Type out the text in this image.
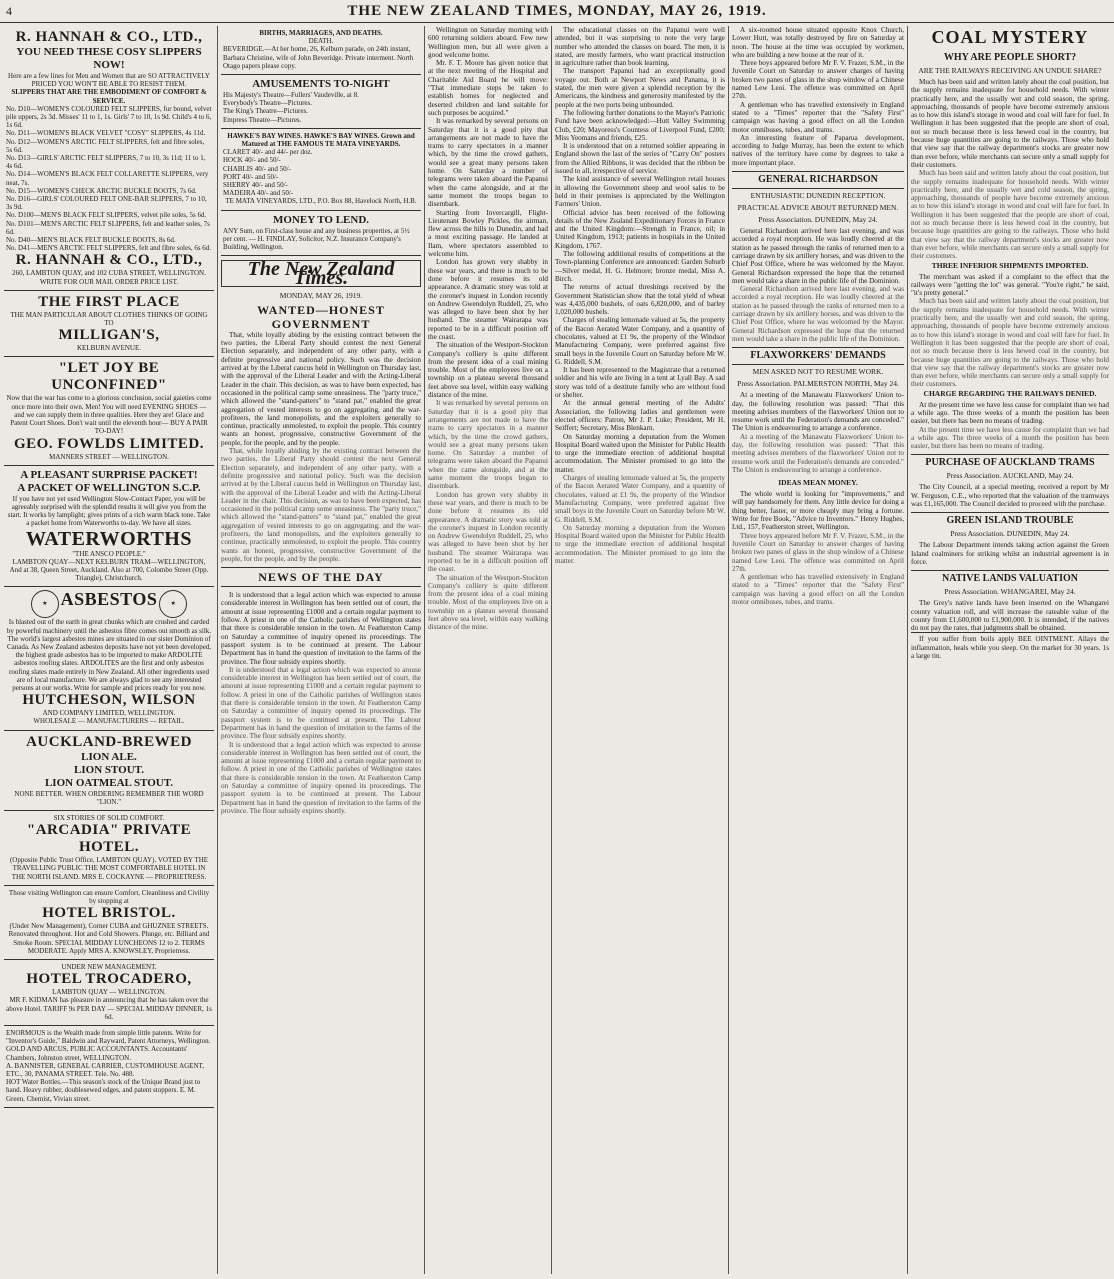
4	THE NEW ZEALAND TIMES, MONDAY, MAY 26, 1919.
R. HANNAH & CO., LTD.,
YOU NEED THESE COSY SLIPPERS NOW!
Here are a few lines for Men and Women that are SO ATTRACTIVELY PRICED YOU WON'T BE ABLE TO RESIST THEM.
SLIPPERS THAT ARE THE EMBODIMENT OF COMFORT & SERVICE.
No. D10—WOMEN'S COLOURED FELT SLIPPERS, fur bound, velvet pile uppers, 2s 3d. Misses' 11 to 1, 1s. Girls' 7 to 10, 1s 9d. Child's 4 to 6, 1s 6d.
No. D11—WOMEN'S BLACK VELVET "COSY" SLIPPERS, 4s 11d.
No. D12—WOMEN'S ARCTIC FELT SLIPPERS, felt and fibre soles, 5s 6d.
No. D13—GIRLS' ARCTIC FELT SLIPPERS, 7 to 10, 3s 11d; 11 to 1, 4s 6d.
No. D14—WOMEN'S BLACK FELT COLLARETTE SLIPPERS, very neat, 7s.
No. D15—WOMEN'S CHECK ARCTIC BUCKLE BOOTS, 7s 6d.
No. D16—GIRLS' COLOURED FELT ONE-BAR SLIPPERS, 7 to 10, 3s 9d.
No. D100—MEN'S BLACK FELT SLIPPERS, velvet pile soles, 5s 6d.
No. D101—MEN'S ARCTIC FELT SLIPPERS, felt and leather soles, 7s 6d.
No. D40—MEN'S BLACK FELT BUCKLE BOOTS, 8s 6d.
No. D41—MEN'S ARCTIC FELT SLIPPERS, felt and fibre soles, 6s 6d.
R. HANNAH & CO., LTD.,
260, LAMBTON QUAY, and 102 CUBA STREET, WELLINGTON. WRITE FOR OUR MAIL ORDER PRICE LIST.
THE FIRST PLACE
THE MAN PARTICULAR ABOUT CLOTHES THINKS OF GOING TO
MILLIGAN'S,
KELBURN AVENUE.
"LET JOY BE UNCONFINED"
Now that the war has come to a glorious conclusion, social gaieties come once more into their own. Men! You will need EVENING SHOES — and we can supply them in three qualities. Here they are! Glace and Patent Court Shoes. Don't wait until the eleventh hour— BUY A PAIR TO-DAY!
GEO. FOWLDS LIMITED.
MANNERS STREET — WELLINGTON.
A PLEASANT SURPRISE PACKET!
A PACKET OF WELLINGTON S.C.P.
If you have not yet used Wellington Slow-Contact Paper, you will be agreeably surprised with the splendid results it will give you from the start. It works by lamplight; gives prints of a rich warm black tone. Take a packet home from Waterworths to-day. We have all sizes.
WATERWORTHS
"THE ANSCO PEOPLE."
LAMBTON QUAY—NEXT KELBURN TRAM—WELLINGTON, And at 38, Queen Street, Auckland. Also at 700, Colombo Street (Opp. Triangle), Christchurch.
★ ASBESTOS ★
Is blasted out of the earth in great chunks which are crushed and carded by powerful machinery until the asbestos fibre comes out smooth as silk. The world's largest asbestos mines are situated in our sister Dominion of Canada. As New Zealand asbestos deposits have not yet been developed, the highest grade asbestos has to be imported to make ARDOLITE asbestos roofing slates. ARDOLITES are the first and only asbestos roofing slates made entirely in New Zealand. All other ingredients used are of local manufacture. We are always glad to see any interested persons at our works. Write for sample and prices ready for you now.
HUTCHESON, WILSON
AND COMPANY LIMITED, WELLINGTON.
WHOLESALE — MANUFACTURERS — RETAIL.
AUCKLAND-BREWED
LION ALE.
LION STOUT.
LION OATMEAL STOUT.
NONE BETTER. WHEN ORDERING REMEMBER THE WORD "LION."
SIX STORIES OF SOLID COMFORT.
"ARCADIA" PRIVATE HOTEL.
(Opposite Public Trust Office, LAMBTON QUAY). VOTED BY THE TRAVELLING PUBLIC THE MOST COMFORTABLE HOTEL IN THE NORTH ISLAND. MRS E. COCKAYNE — PROPRIETRESS.
Those visiting Wellington can ensure Comfort, Cleanliness and Civility by stopping at
HOTEL BRISTOL.
(Under New Management), Corner CUBA and GHUZNEE STREETS. Renovated throughout. Hot and Cold Showers. Plunge, etc. Billiard and Smoke Room. SPECIAL MIDDAY LUNCHEONS 12 to 2. TERMS MODERATE. Apply MRS A. KNOWSLEY, Proprietress.
UNDER NEW MANAGEMENT.
HOTEL TROCADERO,
LAMBTON QUAY — WELLINGTON.
MR F. KIDMAN has pleasure in announcing that he has taken over the above Hotel. TARIFF 9s PER DAY — SPECIAL MIDDAY DINNER, 1s 6d.
ENORMOUS is the Wealth made from simple little patents. Write for "Inventor's Guide," Baldwin and Rayward, Patent Attorneys, Wellington.
GOLD AND ARCUS, PUBLIC ACCOUNTANTS. Accountants' Chambers, Johnston street, WELLINGTON.
A. BANNISTER, GENERAL CARRIER, CUSTOMHOUSE AGENT, ETC., 30, PANAMA STREET. Tele. No. 488.
HOT Water Bottles.—This season's stock of the Unique Brand just to hand. Heavy rubber, doublesewed edges, and patent stoppers. E. M. Green, Chemist, Vivian street.
BIRTHS, MARRIAGES, AND DEATHS.
DEATH.
BEVERIDGE.—At her home, 26, Kelburn parade, on 24th instant, Barbara Christine, wife of John Beveridge. Private interment. North Otago papers please copy.
AMUSEMENTS TO-NIGHT
His Majesty's Theatre—Fullers' Vaudeville, at 8.
Everybody's Theatre—Pictures.
The King's Theatre—Pictures.
Empress Theatre—Pictures.
HAWKE'S BAY WINES. HAWKE'S BAY WINES. Grown and Matured at THE FAMOUS TE MATA VINEYARDS.
CLARET 40/- and 44/- per doz.
HOCK 40/- and 50/-
CHABLIS 40/- and 50/-
PORT 40/- and 50/-
SHERRY 40/- and 50/-
MADEIRA 40/- and 50/-
TE MATA VINEYARDS, LTD., P.O. Box 88, Havelock North, H.B.
MONEY TO LEND.
ANY Sum, on First-class house and any business properties, at 5½ per cent. — H. FINDLAY, Solicitor, N.Z. Insurance Company's Building, Wellington.
The New Zealand Times.
MONDAY, MAY 26, 1919.
WANTED—HONEST GOVERNMENT

That, while loyally abiding by the existing contract between the two parties, the Liberal Party should contest the next General Election separately, and independent of any other party, with a definite progressive and national policy. Such was the decision arrived at by the Liberal caucus held in Wellington on Thursday last, with the approval of the Liberal Leader and with the Acting-Liberal Leader in the chair. This decision, as was to have been expected, has occasioned in the political camp some uneasiness. The "party truce," which allowed the "stand-patters" to "stand pat," enabled the great aggregation of vested interests to go on aggregating, and the war-profiteers, the land monopolists, and the exploiters generally to continue, practically unmolested, to exploit the people. This country wants an honest, progressive, constructive Government of the people, for the people, and by the people.

That, while loyally abiding by the existing contract between the two parties, the Liberal Party should contest the next General Election separately, and independent of any other party, with a definite progressive and national policy. Such was the decision arrived at by the Liberal caucus held in Wellington on Thursday last, with the approval of the Liberal Leader and with the Acting-Liberal Leader in the chair. This decision, as was to have been expected, has occasioned in the political camp some uneasiness. The "party truce," which allowed the "stand-patters" to "stand pat," enabled the great aggregation of vested interests to go on aggregating, and the war-profiteers, the land monopolists, and the exploiters generally to continue, practically unmolested, to exploit the people. This country wants an honest, progressive, constructive Government of the people, for the people, and by the people.

NEWS OF THE DAY

It is understood that a legal action which was expected to arouse considerable interest in Wellington has been settled out of court, the amount at issue representing £1000 and a certain regular payment to follow. A priest in one of the Catholic parishes of Wellington states that there is considerable tension in the town. At Featherston Camp on Saturday a committee of inquiry opened its proceedings. The passport system is to be continued at present. The Labour Department has in hand the question of invitation to the farms of the province. The flour subsidy expires shortly.

It is understood that a legal action which was expected to arouse considerable interest in Wellington has been settled out of court, the amount at issue representing £1000 and a certain regular payment to follow. A priest in one of the Catholic parishes of Wellington states that there is considerable tension in the town. At Featherston Camp on Saturday a committee of inquiry opened its proceedings. The passport system is to be continued at present. The Labour Department has in hand the question of invitation to the farms of the province. The flour subsidy expires shortly.

It is understood that a legal action which was expected to arouse considerable interest in Wellington has been settled out of court, the amount at issue representing £1000 and a certain regular payment to follow. A priest in one of the Catholic parishes of Wellington states that there is considerable tension in the town. At Featherston Camp on Saturday a committee of inquiry opened its proceedings. The passport system is to be continued at present. The Labour Department has in hand the question of invitation to the farms of the province. The flour subsidy expires shortly.

Wellington on Saturday morning with 600 returning soldiers aboard. Few new Wellington men, but all were given a good welcome home.

Mr. F. T. Moore has given notice that at the next meeting of the Hospital and Charitable Aid Board he will move: "That immediate steps be taken to establish homes for neglected and deserted children and land suitable for such purposes be acquired."

It was remarked by several persons on Saturday that it is a good pity that arrangements are not made to have the trams to carry spectators in a manner which, by the time the crowd gathers, would see a great many persons taken home. On Saturday a number of telegrams were taken aboard the Papanui when the came alongside, and at the same moment the troops began to disembark.

Starting from Invercargill, Flight-Lieutenant Bowley Pickles, the airman, flew across the hills to Dunedin, and had a most exciting passage. He landed at Ilam, where spectators assembled to welcome him.

London has grown very shabby in these war years, and there is much to be done before it resumes its old appearance. A dramatic story was told at the coroner's inquest in London recently on Andrew Gwendolyn Ruddell, 25, who was alleged to have been shot by her husband. The steamer Wairarapa was reported to be in a difficult position off the coast.

The situation of the Westport-Stockton Company's colliery is quite different from the present idea of a coal mining trouble. Most of the employees live on a township on a plateau several thousand feet above sea level, within easy walking distance of the mine.

It was remarked by several persons on Saturday that it is a good pity that arrangements are not made to have the trams to carry spectators in a manner which, by the time the crowd gathers, would see a great many persons taken home. On Saturday a number of telegrams were taken aboard the Papanui when the came alongside, and at the same moment the troops began to disembark.

London has grown very shabby in these war years, and there is much to be done before it resumes its old appearance. A dramatic story was told at the coroner's inquest in London recently on Andrew Gwendolyn Ruddell, 25, who was alleged to have been shot by her husband. The steamer Wairarapa was reported to be in a difficult position off the coast.

The situation of the Westport-Stockton Company's colliery is quite different from the present idea of a coal mining trouble. Most of the employees live on a township on a plateau several thousand feet above sea level, within easy walking distance of the mine.

The educational classes on the Papanui were well attended, but it was surprising to note the very large number who attended the classes on board. The men, it is stated, are mostly farmers, who want practical instruction in agriculture rather than book learning.

The transport Papanui had an exceptionally good voyage out. Both at Newport News and Panama, it is stated, the men were given a splendid reception by the Americans, the kindness and generosity manifested by the people at the two ports being unbounded.

The following further donations to the Mayor's Patriotic Fund have been acknowledged:—Hutt Valley Swimming Club, £20; Mayoress's Countess of Liverpool Fund, £200; Miss Yeomans and friends, £25.

It is understood that on a returned soldier appearing in England shown the last of the series of "Carry On" posters from the Allied Ribbons, it was decided that the ribbon be issued to all, irrespective of service.

The kind assistance of several Wellington retail houses in allowing the Government sheep and wool sales to be held in their premises is appreciated by the Wellington Farmers' Union.

Official advice has been received of the following details of the New Zealand Expeditionary Forces in France and the United Kingdom:—Strength in France, nil; in United Kingdom, 1913; patients in hospitals in the United Kingdom, 1767.

The following additional results of competitions at the Town-planning Conference are announced: Garden Suburb—Silver medal, H. G. Helmore; bronze medal, Miss A. Birch.

The returns of actual threshings received by the Government Statistician show that the total yield of wheat was 4,435,000 bushels, of oats 6,820,000, and of barley 1,020,000 bushels.

Charges of stealing lemonade valued at 5s, the property of the Bacon Aerated Water Company, and a quantity of chocolates, valued at £1 9s, the property of the Windsor Manufacturing Company, were preferred against five small boys in the Juvenile Court on Saturday before Mr W. G. Riddell, S.M.

It has been represented to the Magistrate that a returned soldier and his wife are living in a tent at Lyall Bay. A sad story was told of a destitute family who are without food or shelter.

At the annual general meeting of the Adults' Association, the following ladies and gentlemen were elected officers: Patron, Mr J. P. Luke; President, Mr H. Seiffert; Secretary, Miss Blenkarn.

On Saturday morning a deputation from the Women Hospital Board waited upon the Minister for Public Health to urge the immediate erection of additional hospital accommodation. The Minister promised to go into the matter.

Charges of stealing lemonade valued at 5s, the property of the Bacon Aerated Water Company, and a quantity of chocolates, valued at £1 9s, the property of the Windsor Manufacturing Company, were preferred against five small boys in the Juvenile Court on Saturday before Mr W. G. Riddell, S.M.

On Saturday morning a deputation from the Women Hospital Board waited upon the Minister for Public Health to urge the immediate erection of additional hospital accommodation. The Minister promised to go into the matter.

A six-roomed house situated opposite Knox Church, Lower Hutt, was totally destroyed by fire on Saturday at noon. The house at the time was occupied by workmen, who are building a new house at the rear of it.

Three boys appeared before Mr F. V. Frazer, S.M., in the Juvenile Court on Saturday to answer charges of having broken two panes of glass in the shop window of a Chinese named Lew Leoi. The offence was committed on April 27th.

A gentleman who has travelled extensively in England stated to a "Times" reporter that the "Safety First" campaign was having a good effect on all the London motor omnibuses, tubes, and trams.

An interesting feature of Paparua development, according to Judge Murray, has been the extent to which natives of the territory have come by degrees to take a more important place.

GENERAL RICHARDSON
ENTHUSIASTIC DUNEDIN RECEPTION.
PRACTICAL ADVICE ABOUT RETURNED MEN.
Press Association. DUNEDIN, May 24.

General Richardson arrived here last evening, and was accorded a royal reception. He was loudly cheered at the station as he passed through the ranks of returned men to a carriage drawn by six artillery horses, and was driven to the Chief Post Office, where he was welcomed by the Mayor. General Richardson expressed the hope that the returned men would take a share in the public life of the Dominion.

General Richardson arrived here last evening, and was accorded a royal reception. He was loudly cheered at the station as he passed through the ranks of returned men to a carriage drawn by six artillery horses, and was driven to the Chief Post Office, where he was welcomed by the Mayor. General Richardson expressed the hope that the returned men would take a share in the public life of the Dominion.

FLAXWORKERS' DEMANDS
MEN ASKED NOT TO RESUME WORK.
Press Association. PALMERSTON NORTH, May 24.

At a meeting of the Manawatu Flaxworkers' Union to-day, the following resolution was passed: "That this meeting advises members of the flaxworkers' Union not to resume work until the Federation's demands are conceded." The Union is endeavouring to arrange a conference.

At a meeting of the Manawatu Flaxworkers' Union to-day, the following resolution was passed: "That this meeting advises members of the flaxworkers' Union not to resume work until the Federation's demands are conceded." The Union is endeavouring to arrange a conference.

IDEAS MEAN MONEY.

The whole world is looking for "improvements," and will pay handsomely for them. Any little device for doing a thing better, faster, or more cheaply may bring a fortune. Write for free Book, "Advice to Inventors." Henry Hughes, Ltd., 157, Featherston street, Wellington.

Three boys appeared before Mr F. V. Frazer, S.M., in the Juvenile Court on Saturday to answer charges of having broken two panes of glass in the shop window of a Chinese named Lew Leoi. The offence was committed on April 27th.

A gentleman who has travelled extensively in England stated to a "Times" reporter that the "Safety First" campaign was having a good effect on all the London motor omnibuses, tubes, and trams.

COAL MYSTERY
WHY ARE PEOPLE SHORT?
ARE THE RAILWAYS RECEIVING AN UNDUE SHARE?

Much has been said and written lately about the coal position, but the supply remains inadequate for household needs. With winter practically here, and the usually wet and cold season, the spring, approaching, thousands of people have become extremely anxious as to how this island's storage in wood and coal will fare for fuel. In Wellington it has been suggested that the people are short of coal, not so much because there is less hewed coal in the country, but because huge quantities are going to the railways. Those who hold that view say that the railway department's stocks are greater now than ever before, while merchants can secure only a small supply for their customers.

Much has been said and written lately about the coal position, but the supply remains inadequate for household needs. With winter practically here, and the usually wet and cold season, the spring, approaching, thousands of people have become extremely anxious as to how this island's storage in wood and coal will fare for fuel. In Wellington it has been suggested that the people are short of coal, not so much because there is less hewed coal in the country, but because huge quantities are going to the railways. Those who hold that view say that the railway department's stocks are greater now than ever before, while merchants can secure only a small supply for their customers.

THREE INFERIOR SHIPMENTS IMPORTED.

The merchant was asked if a complaint to the effect that the railways were "getting the lot" was general. "You're right," he said, "it's pretty general."

Much has been said and written lately about the coal position, but the supply remains inadequate for household needs. With winter practically here, and the usually wet and cold season, the spring, approaching, thousands of people have become extremely anxious as to how this island's storage in wood and coal will fare for fuel. In Wellington it has been suggested that the people are short of coal, not so much because there is less hewed coal in the country, but because huge quantities are going to the railways. Those who hold that view say that the railway department's stocks are greater now than ever before, while merchants can secure only a small supply for their customers.

CHARGE REGARDING THE RAILWAYS DENIED.

At the present time we have less cause for complaint than we had a while ago. The three weeks of a month the position has been easier, but there has been no means of trading.

At the present time we have less cause for complaint than we had a while ago. The three weeks of a month the position has been easier, but there has been no means of trading.

PURCHASE OF AUCKLAND TRAMS
Press Association. AUCKLAND, May 24.

The City Council, at a special meeting, received a report by Mr W. Ferguson, C.E., who reported that the valuation of the tramways was £1,165,000. The Council decided to proceed with the purchase.

GREEN ISLAND TROUBLE
Press Association. DUNEDIN, May 24.

The Labour Department intends taking action against the Green Island coalminers for striking whilst an industrial agreement is in force.

NATIVE LANDS VALUATION
Press Association. WHANGAREI, May 24.

The Grey's native lands have been inserted on the Whangarei county valuation roll, and will increase the rateable value of the county from £1,600,000 to £1,900,000. It is intended, if the natives do not pay the rates, that judgments shall be obtained.

If you suffer from boils apply BEE OINTMENT. Allays the inflammation, heals while you sleep. On the market for 30 years. 1s a large tin.
